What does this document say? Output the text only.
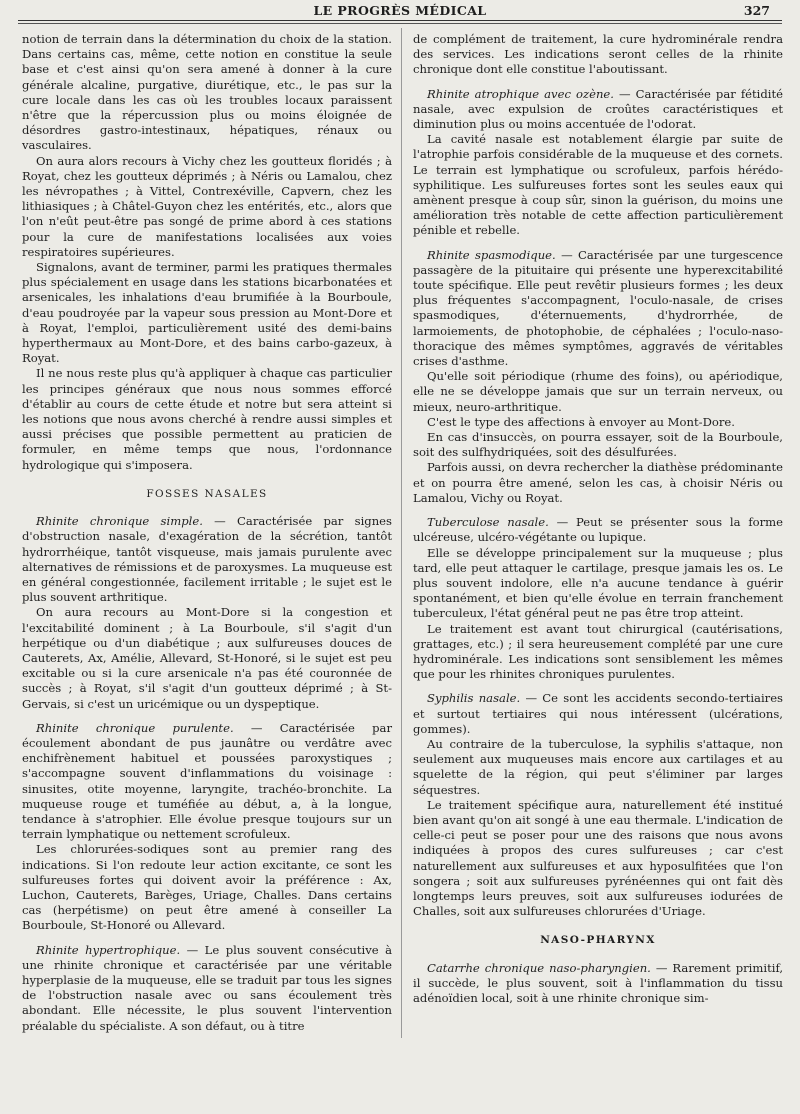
LE PROGRÈS MÉDICAL	327

notion de terrain dans la détermination du choix de la station. Dans certains cas, même, cette notion en constitue la seule base et c'est ainsi qu'on sera amené à donner à la cure générale alcaline, purgative, diurétique, etc., le pas sur la cure locale dans les cas où les troubles locaux paraissent n'être que la répercussion plus ou moins éloignée de désordres gastro-intestinaux, hépatiques, rénaux ou vasculaires.

On aura alors recours à Vichy chez les goutteux floridés ; à Royat, chez les goutteux déprimés ; à Néris ou Lamalou, chez les névropathes ; à Vittel, Contrexéville, Capvern, chez les lithiasiques ; à Châtel-Guyon chez les entérités, etc., alors que l'on n'eût peut-être pas songé de prime abord à ces stations pour la cure de manifestations localisées aux voies respiratoires supérieures.

Signalons, avant de terminer, parmi les pratiques thermales plus spécialement en usage dans les stations bicarbonatées et arsenicales, les inhalations d'eau brumifiée à la Bourboule, d'eau poudroyée par la vapeur sous pression au Mont-Dore et à Royat, l'emploi, particulièrement usité des demi-bains hyperthermaux au Mont-Dore, et des bains carbo-gazeux, à Royat.

Il ne nous reste plus qu'à appliquer à chaque cas particulier les principes généraux que nous nous sommes efforcé d'établir au cours de cette étude et notre but sera atteint si les notions que nous avons cherché à rendre aussi simples et aussi précises que possible permettent au praticien de formuler, en même temps que nous, l'ordonnance hydrologique qui s'imposera.

FOSSES NASALES

Rhinite chronique simple. — Caractérisée par signes d'obstruction nasale, d'exagération de la sécrétion, tantôt hydrorrhéique, tantôt visqueuse, mais jamais purulente avec alternatives de rémissions et de paroxysmes. La muqueuse est en général congestionnée, facilement irritable ; le sujet est le plus souvent arthritique.

On aura recours au Mont-Dore si la congestion et l'excitabilité dominent ; à La Bourboule, s'il s'agit d'un herpétique ou d'un diabétique ; aux sulfureuses douces de Cauterets, Ax, Amélie, Allevard, St-Honoré, si le sujet est peu excitable ou si la cure arsenicale n'a pas été couronnée de succès ; à Royat, s'il s'agit d'un goutteux déprimé ; à St-Gervais, si c'est un uricémique ou un dyspeptique.

Rhinite chronique purulente. — Caractérisée par écoulement abondant de pus jaunâtre ou verdâtre avec enchifrènement habituel et poussées paroxystiques ; s'accompagne souvent d'inflammations du voisinage : sinusites, otite moyenne, laryngite, trachéo-bronchite. La muqueuse rouge et tuméfiée au début, a, à la longue, tendance à s'atrophier. Elle évolue presque toujours sur un terrain lymphatique ou nettement scrofuleux.

Les chlorurées-sodiques sont au premier rang des indications. Si l'on redoute leur action excitante, ce sont les sulfureuses fortes qui doivent avoir la préférence : Ax, Luchon, Cauterets, Barèges, Uriage, Challes. Dans certains cas (herpétisme) on peut être amené à conseiller La Bourboule, St-Honoré ou Allevard.

Rhinite hypertrophique. — Le plus souvent consécutive à une rhinite chronique et caractérisée par une véritable hyperplasie de la muqueuse, elle se traduit par tous les signes de l'obstruction nasale avec ou sans écoulement très abondant. Elle nécessite, le plus souvent l'intervention préalable du spécialiste. A son défaut, ou à titre

de complément de traitement, la cure hydrominérale rendra des services. Les indications seront celles de la rhinite chronique dont elle constitue l'aboutissant.

Rhinite atrophique avec ozène. — Caractérisée par fétidité nasale, avec expulsion de croûtes caractéristiques et diminution plus ou moins accentuée de l'odorat.

La cavité nasale est notablement élargie par suite de l'atrophie parfois considérable de la muqueuse et des cornets. Le terrain est lymphatique ou scrofuleux, parfois hérédo-syphilitique. Les sulfureuses fortes sont les seules eaux qui amènent presque à coup sûr, sinon la guérison, du moins une amélioration très notable de cette affection particulièrement pénible et rebelle.

Rhinite spasmodique. — Caractérisée par une turgescence passagère de la pituitaire qui présente une hyperexcitabilité toute spécifique. Elle peut revêtir plusieurs formes ; les deux plus fréquentes s'accompagnent, l'oculo-nasale, de crises spasmodiques, d'éternuements, d'hydrorrhée, de larmoiements, de photophobie, de céphalées ; l'oculo-naso-thoracique des mêmes symptômes, aggravés de véritables crises d'asthme.

Qu'elle soit périodique (rhume des foins), ou apériodique, elle ne se développe jamais que sur un terrain nerveux, ou mieux, neuro-arthritique.

C'est le type des affections à envoyer au Mont-Dore.

En cas d'insuccès, on pourra essayer, soit de la Bourboule, soit des sulfhydriquées, soit des désulfurées.

Parfois aussi, on devra rechercher la diathèse prédominante et on pourra être amené, selon les cas, à choisir Néris ou Lamalou, Vichy ou Royat.

Tuberculose nasale. — Peut se présenter sous la forme ulcéreuse, ulcéro-végétante ou lupique.

Elle se développe principalement sur la muqueuse ; plus tard, elle peut attaquer le cartilage, presque jamais les os. Le plus souvent indolore, elle n'a aucune tendance à guérir spontanément, et bien qu'elle évolue en terrain franchement tuberculeux, l'état général peut ne pas être trop atteint.

Le traitement est avant tout chirurgical (cautérisations, grattages, etc.) ; il sera heureusement complété par une cure hydrominérale. Les indications sont sensiblement les mêmes que pour les rhinites chroniques purulentes.

Syphilis nasale. — Ce sont les accidents secondo-tertiaires et surtout tertiaires qui nous intéressent (ulcérations, gommes).

Au contraire de la tuberculose, la syphilis s'attaque, non seulement aux muqueuses mais encore aux cartilages et au squelette de la région, qui peut s'éliminer par larges séquestres.

Le traitement spécifique aura, naturellement été institué bien avant qu'on ait songé à une eau thermale. L'indication de celle-ci peut se poser pour une des raisons que nous avons indiquées à propos des cures sulfureuses ; car c'est naturellement aux sulfureuses et aux hyposulfitées que l'on songera ; soit aux sulfureuses pyrénéennes qui ont fait dès longtemps leurs preuves, soit aux sulfureuses iodurées de Challes, soit aux sulfureuses chlorurées d'Uriage.

NASO-PHARYNX

Catarrhe chronique naso-pharyngien. — Rarement primitif, il succède, le plus souvent, soit à l'inflammation du tissu adénoïdien local, soit à une rhinite chronique sim-
